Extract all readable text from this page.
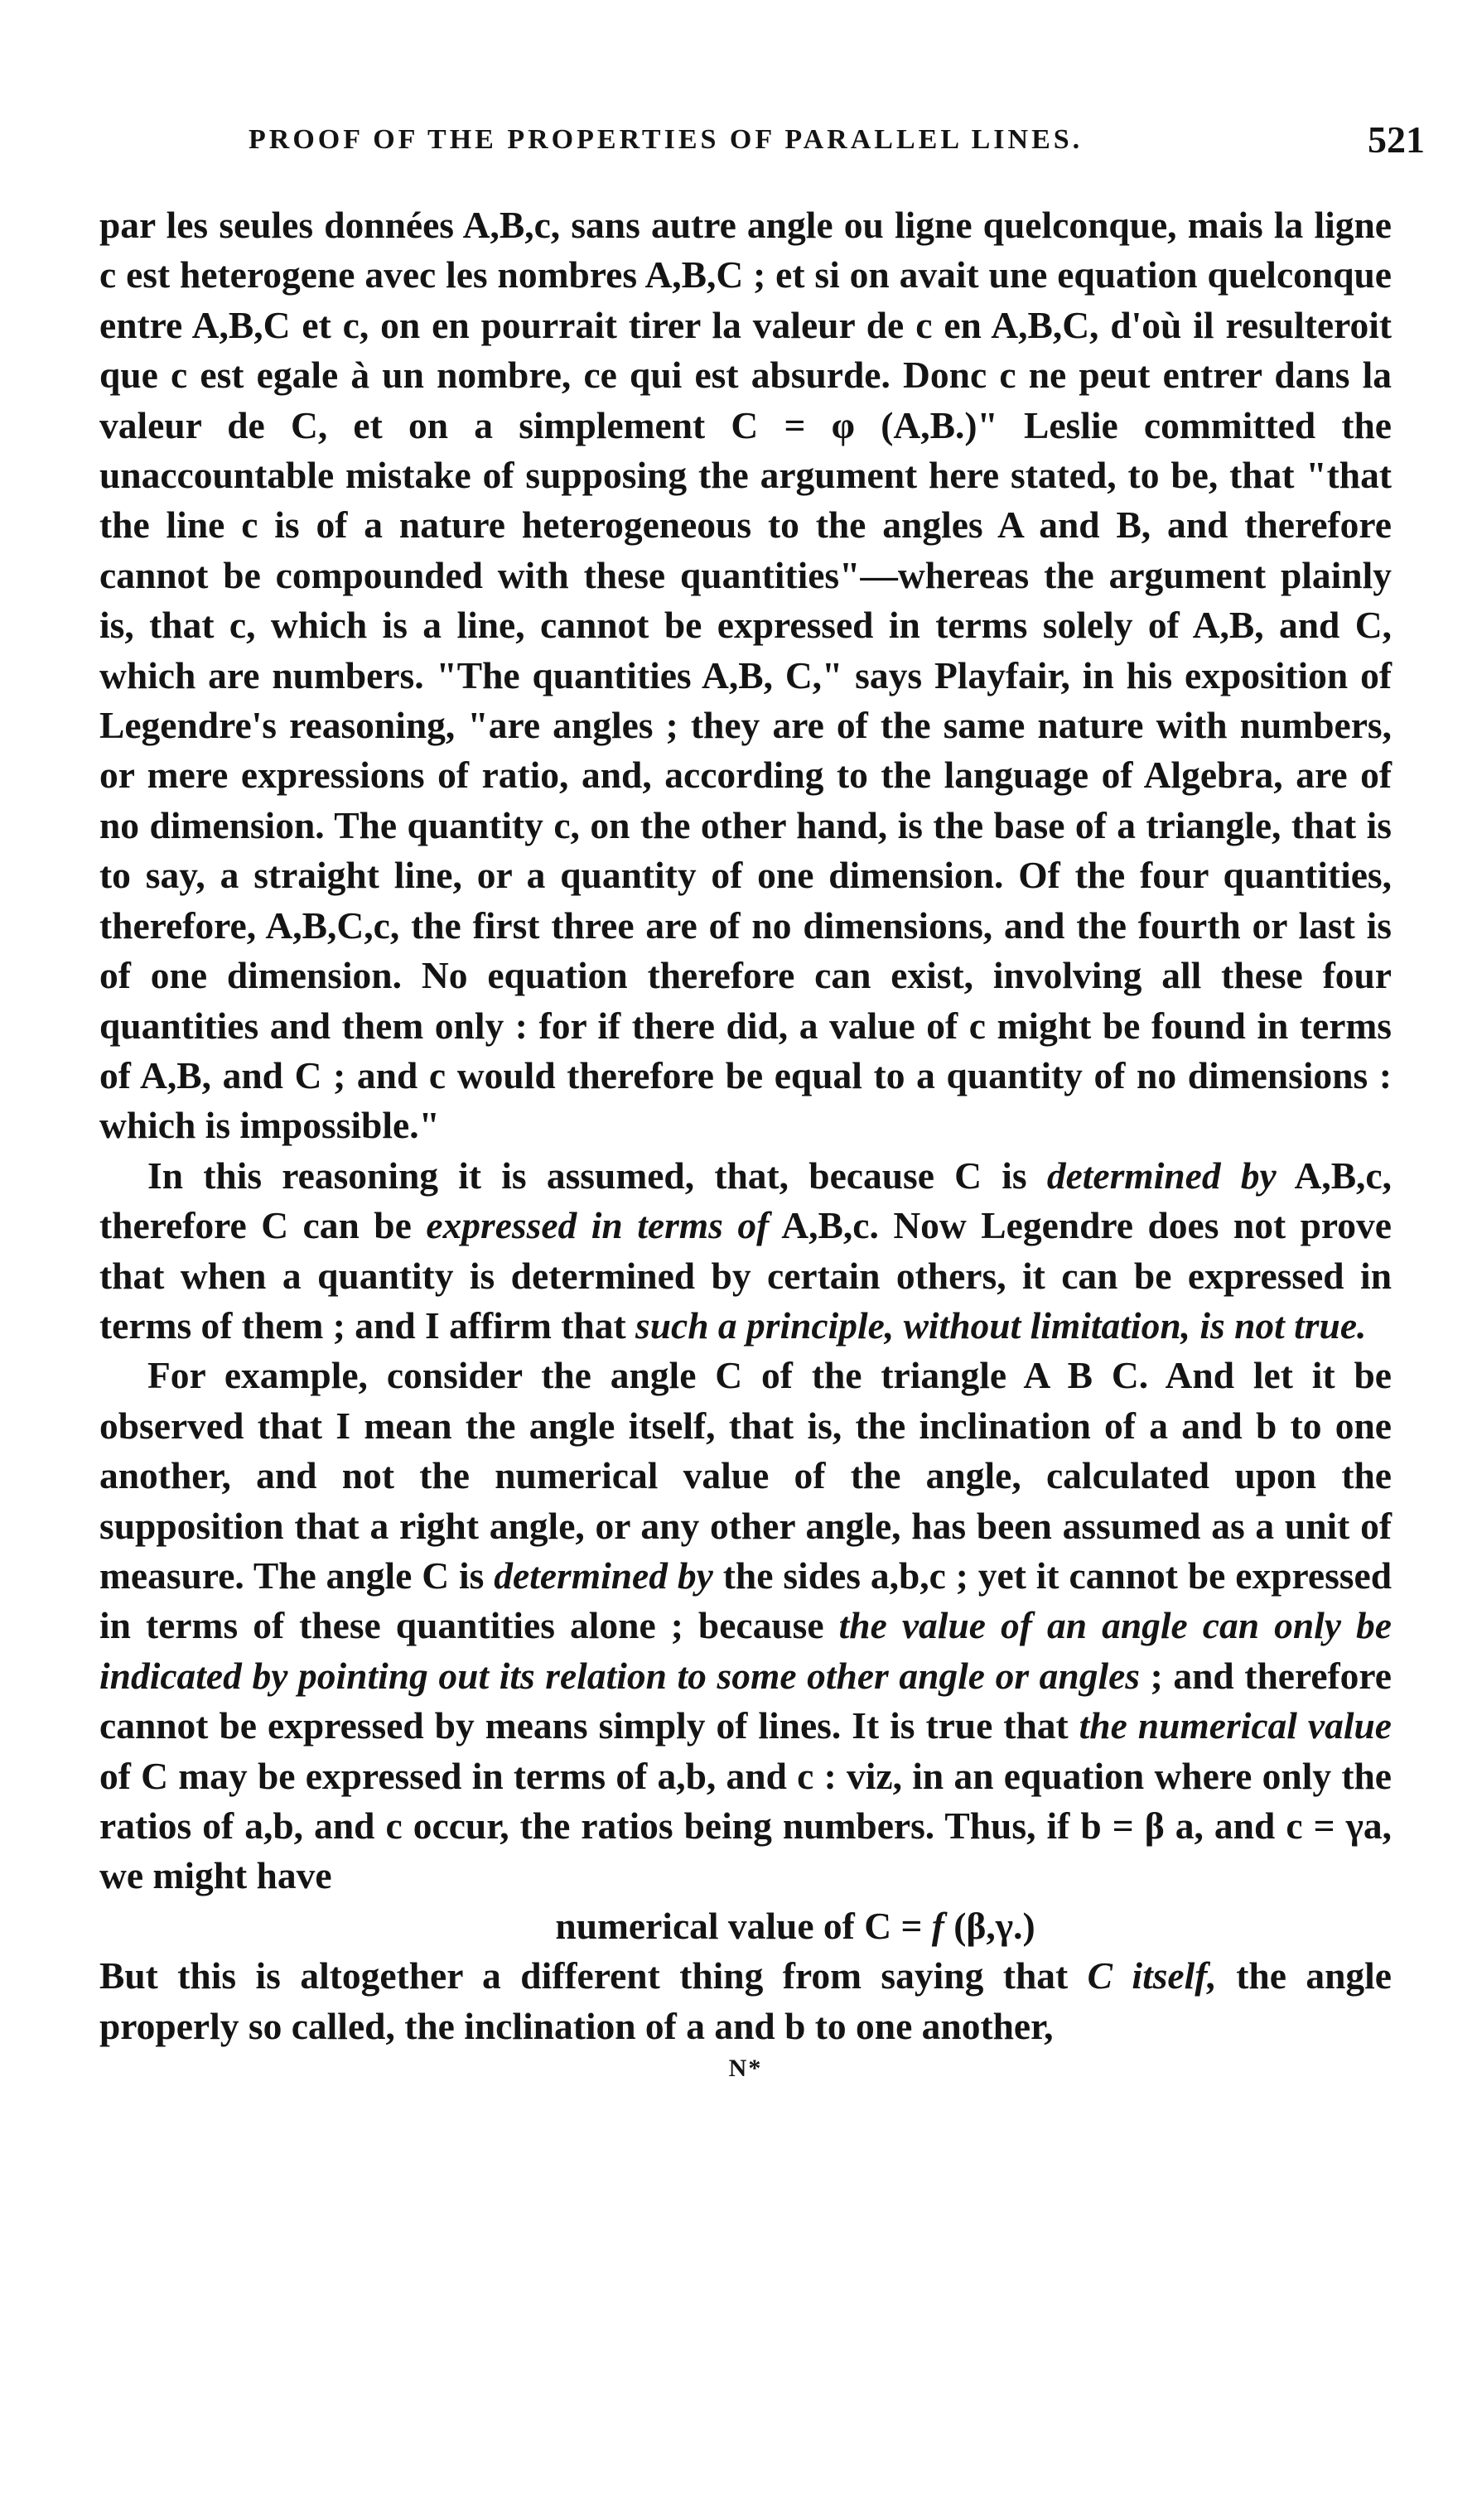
PROOF OF THE PROPERTIES OF PARALLEL LINES.	521

par les seules données A,B,c, sans autre angle ou ligne quelconque, mais la ligne c est heterogene avec les nombres A,B,C ; et si on avait une equation quelconque entre A,B,C et c, on en pourrait tirer la valeur de c en A,B,C, d'où il resulteroit que c est egale à un nombre, ce qui est absurde. Donc c ne peut entrer dans la valeur de C, et on a simplement C = φ (A,B.)" Leslie committed the unaccountable mistake of supposing the argument here stated, to be, that "that the line c is of a nature heterogeneous to the angles A and B, and therefore cannot be compounded with these quantities"—whereas the argument plainly is, that c, which is a line, cannot be expressed in terms solely of A,B, and C, which are numbers. "The quantities A,B, C," says Playfair, in his exposition of Legendre's reasoning, "are angles ; they are of the same nature with numbers, or mere expressions of ratio, and, according to the language of Algebra, are of no dimension. The quantity c, on the other hand, is the base of a triangle, that is to say, a straight line, or a quantity of one dimension. Of the four quantities, therefore, A,B,C,c, the first three are of no dimensions, and the fourth or last is of one dimension. No equation therefore can exist, involving all these four quantities and them only : for if there did, a value of c might be found in terms of A,B, and C ; and c would therefore be equal to a quantity of no dimensions : which is impossible."

In this reasoning it is assumed, that, because C is determined by A,B,c, therefore C can be expressed in terms of A,B,c. Now Legendre does not prove that when a quantity is determined by certain others, it can be expressed in terms of them ; and I affirm that such a principle, without limitation, is not true.

For example, consider the angle C of the triangle A B C. And let it be observed that I mean the angle itself, that is, the inclination of a and b to one another, and not the numerical value of the angle, calculated upon the supposition that a right angle, or any other angle, has been assumed as a unit of measure. The angle C is determined by the sides a,b,c ; yet it cannot be expressed in terms of these quantities alone ; because the value of an angle can only be indicated by pointing out its relation to some other angle or angles ; and therefore cannot be expressed by means simply of lines. It is true that the numerical value of C may be expressed in terms of a,b, and c : viz, in an equation where only the ratios of a,b, and c occur, the ratios being numbers. Thus, if b = β a, and c = γa, we might have

numerical value of C = f (β,γ.)

But this is altogether a different thing from saying that C itself, the angle properly so called, the inclination of a and b to one another,

N*
